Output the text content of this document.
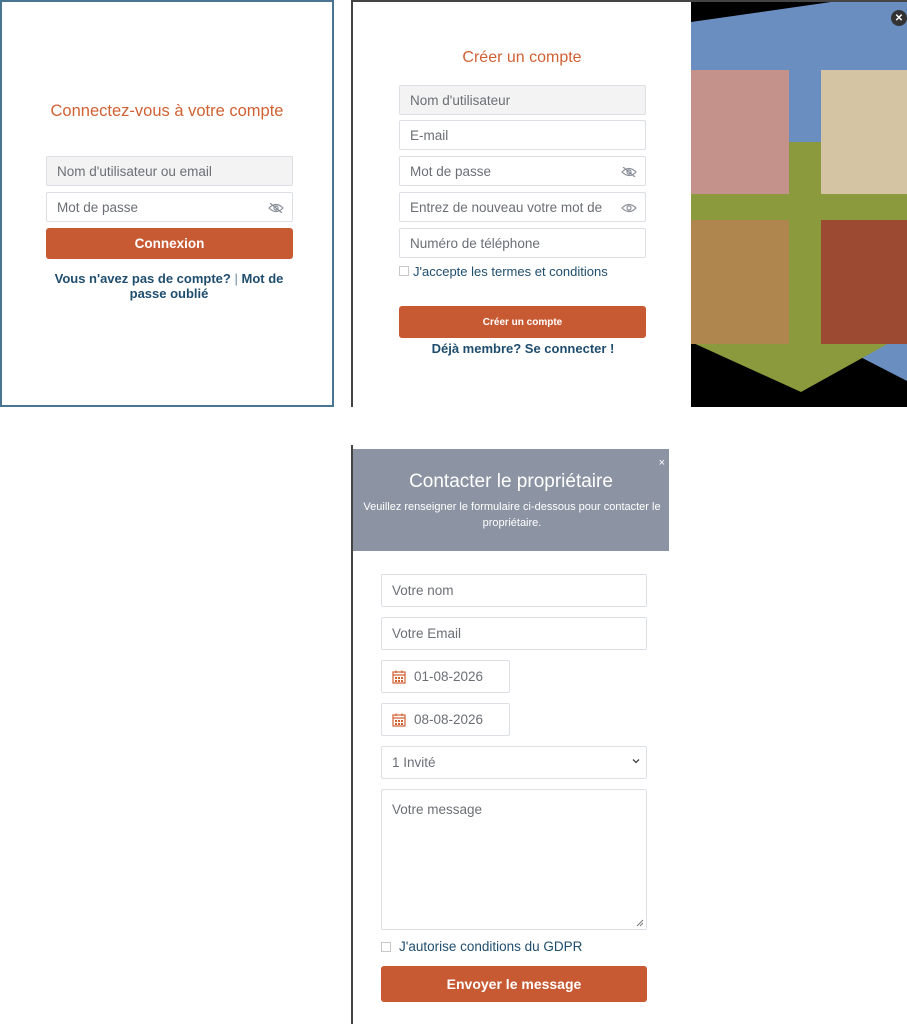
Connectez-vous à votre compte
Nom d'utilisateur ou email
Mot de passe
Connexion
Vous n'avez pas de compte? | Mot de passe oublié
Créer un compte
Nom d'utilisateur
E-mail
Mot de passe
Entrez de nouveau votre mot de
Numéro de téléphone
J'accepte les termes et conditions
Créer un compte
Déjà membre? Se connecter !
✕
Contacter le propriétaire
Veuillez renseigner le formulaire ci-dessous pour contacter le propriétaire.
×
Votre nom
Votre Email
01-08-2026
08-08-2026
1 Invité
Votre message
J'autorise conditions du GDPR
Envoyer le message
